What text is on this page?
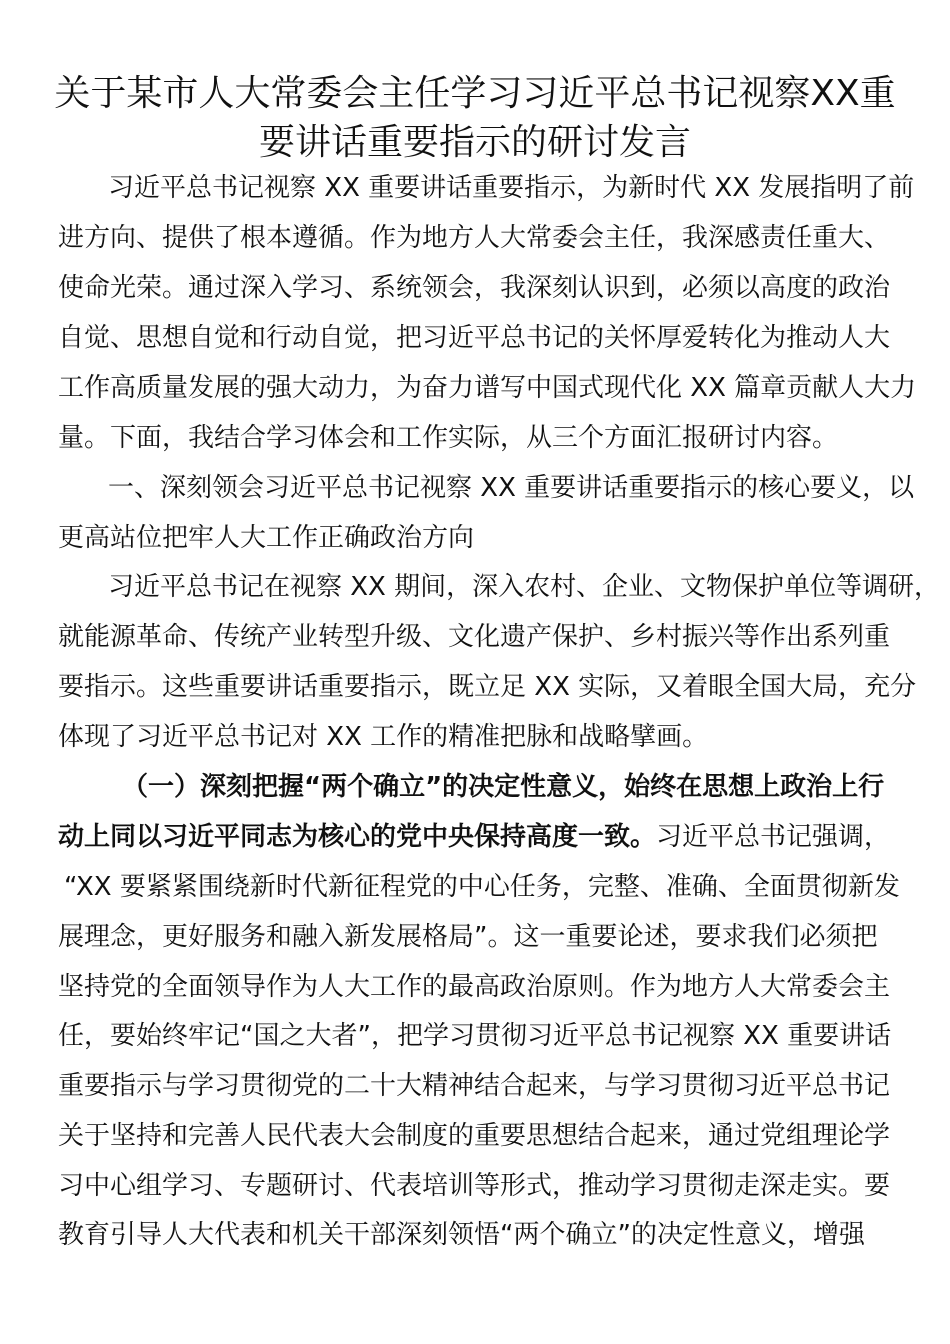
关于某市人大常委会主任学习习近平总书记视察XX重
要讲话重要指示的研讨发言

习近平总书记视察 XX 重要讲话重要指示，为新时代 XX 发展指明了前

进方向、提供了根本遵循。作为地方人大常委会主任，我深感责任重大、

使命光荣。通过深入学习、系统领会，我深刻认识到，必须以高度的政治

自觉、思想自觉和行动自觉，把习近平总书记的关怀厚爱转化为推动人大

工作高质量发展的强大动力，为奋力谱写中国式现代化 XX 篇章贡献人大力

量。下面，我结合学习体会和工作实际，从三个方面汇报研讨内容。

一、深刻领会习近平总书记视察 XX 重要讲话重要指示的核心要义，以

更高站位把牢人大工作正确政治方向

习近平总书记在视察 XX 期间，深入农村、企业、文物保护单位等调研，

就能源革命、传统产业转型升级、文化遗产保护、乡村振兴等作出系列重

要指示。这些重要讲话重要指示，既立足 XX 实际，又着眼全国大局，充分

体现了习近平总书记对 XX 工作的精准把脉和战略擘画。

（一）深刻把握“两个确立”的决定性意义，始终在思想上政治上行

动上同以习近平同志为核心的党中央保持高度一致。习近平总书记强调，

“XX 要紧紧围绕新时代新征程党的中心任务，完整、准确、全面贯彻新发

展理念，更好服务和融入新发展格局”。这一重要论述，要求我们必须把

坚持党的全面领导作为人大工作的最高政治原则。作为地方人大常委会主

任，要始终牢记“国之大者”，把学习贯彻习近平总书记视察 XX 重要讲话

重要指示与学习贯彻党的二十大精神结合起来，与学习贯彻习近平总书记

关于坚持和完善人民代表大会制度的重要思想结合起来，通过党组理论学

习中心组学习、专题研讨、代表培训等形式，推动学习贯彻走深走实。要

教育引导人大代表和机关干部深刻领悟“两个确立”的决定性意义，增强
